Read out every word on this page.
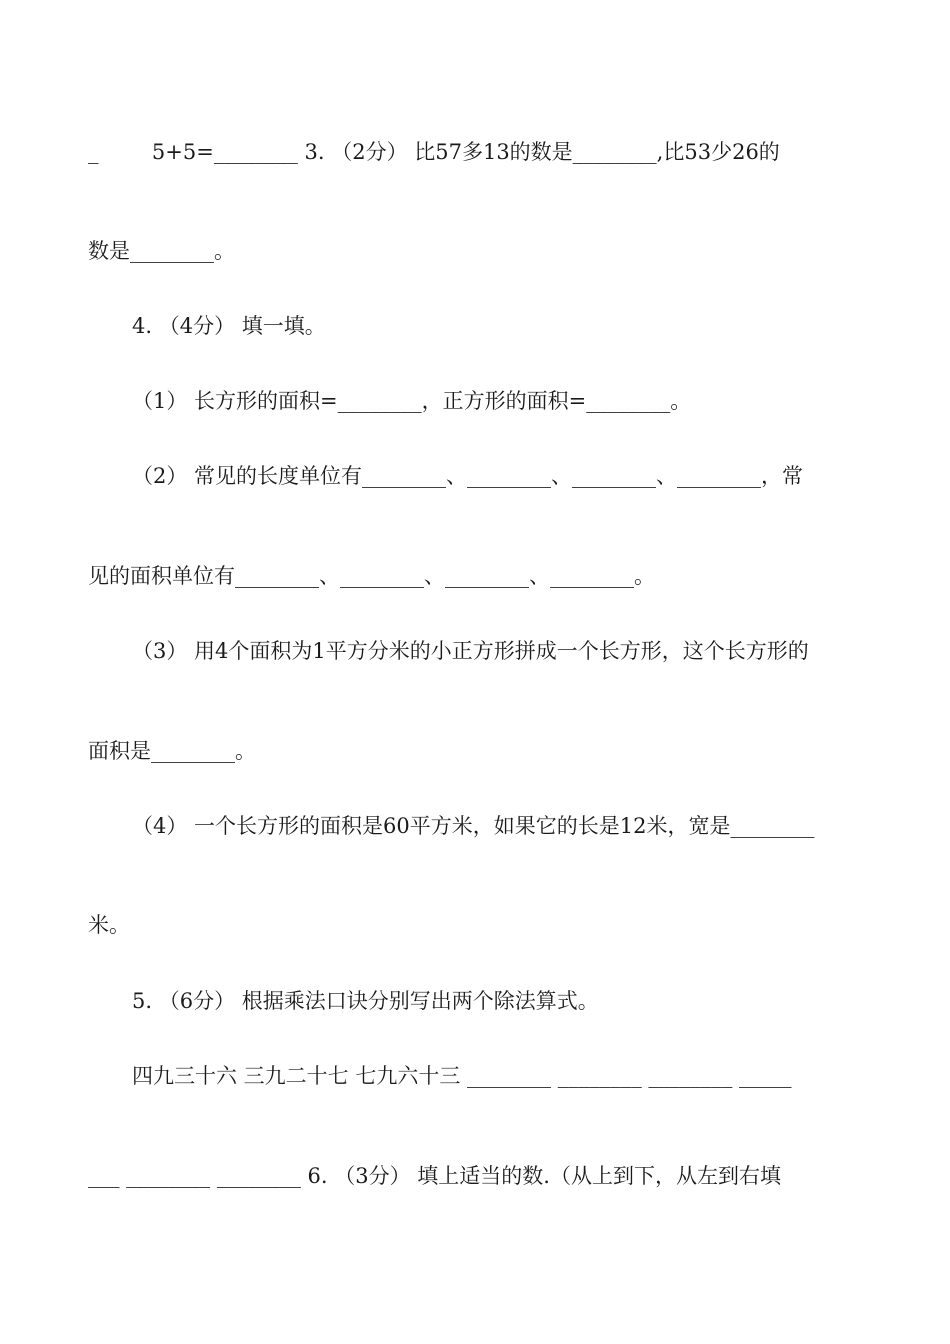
_        5+5=________ 3. （2分） 比57多13的数是________,比53少26的
数是________。
4. （4分） 填一填。
（1） 长方形的面积=________，正方形的面积=________。
（2） 常见的长度单位有________、________、________、________，常
见的面积单位有________、________、________、________。
（3） 用4个面积为1平方分米的小正方形拼成一个长方形，这个长方形的
面积是________。
（4） 一个长方形的面积是60平方米，如果它的长是12米，宽是________
米。
5. （6分） 根据乘法口诀分别写出两个除法算式。
四九三十六 三九二十七 七九六十三 ________ ________ ________ _____
___ ________ ________ 6. （3分） 填上适当的数.（从上到下，从左到右填
